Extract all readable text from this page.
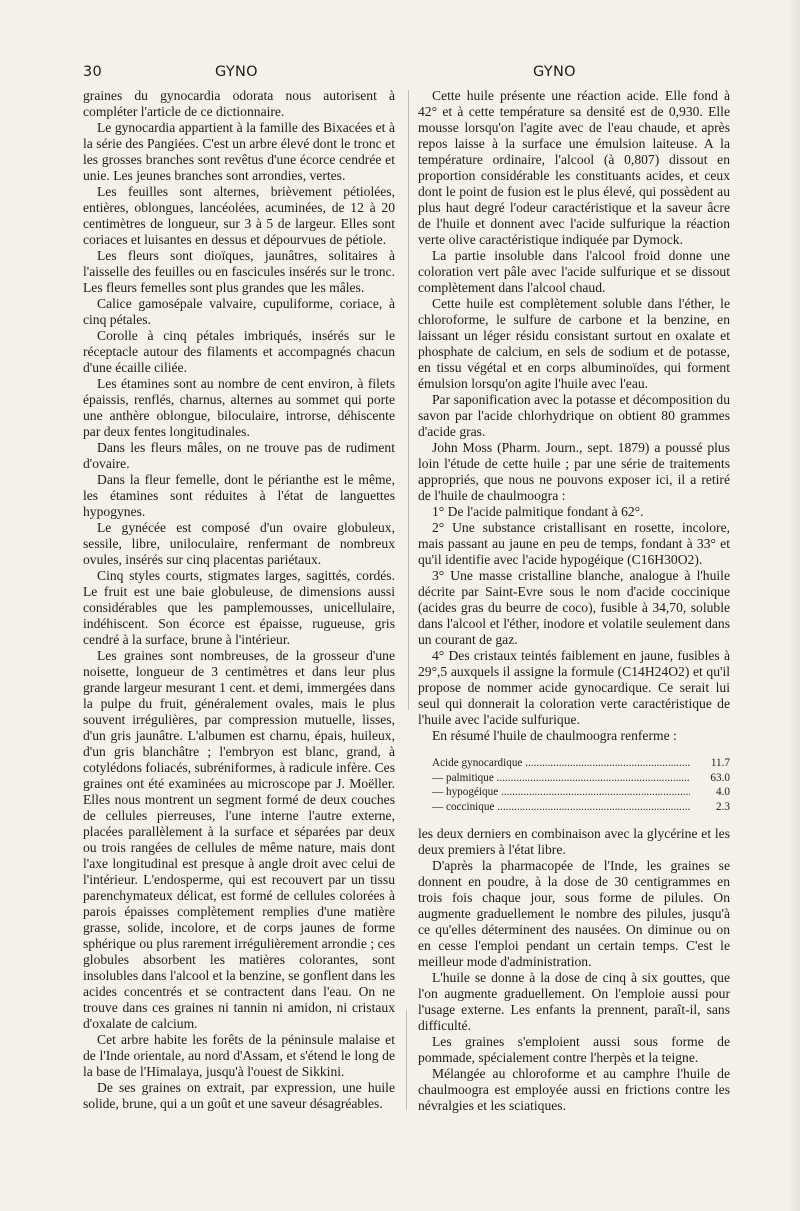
30	GYNO	GYNO

graines du gynocardia odorata nous autorisent à compléter l'article de ce dictionnaire.

Le gynocardia appartient à la famille des Bixacées et à la série des Pangiées. C'est un arbre élevé dont le tronc et les grosses branches sont revêtus d'une écorce cendrée et unie. Les jeunes branches sont arrondies, vertes.

Les feuilles sont alternes, brièvement pétiolées, entières, oblongues, lancéolées, acuminées, de 12 à 20 centimètres de longueur, sur 3 à 5 de largeur. Elles sont coriaces et luisantes en dessus et dépourvues de pétiole.

Les fleurs sont dioïques, jaunâtres, solitaires à l'aisselle des feuilles ou en fascicules insérés sur le tronc. Les fleurs femelles sont plus grandes que les mâles.

Calice gamosépale valvaire, cupuliforme, coriace, à cinq pétales.

Corolle à cinq pétales imbriqués, insérés sur le réceptacle autour des filaments et accompagnés chacun d'une écaille ciliée.

Les étamines sont au nombre de cent environ, à filets épaissis, renflés, charnus, alternes au sommet qui porte une anthère oblongue, biloculaire, introrse, déhiscente par deux fentes longitudinales.

Dans les fleurs mâles, on ne trouve pas de rudiment d'ovaire.

Dans la fleur femelle, dont le périanthe est le même, les étamines sont réduites à l'état de languettes hypogynes.

Le gynécée est composé d'un ovaire globuleux, sessile, libre, uniloculaire, renfermant de nombreux ovules, insérés sur cinq placentas pariétaux.

Cinq styles courts, stigmates larges, sagittés, cordés. Le fruit est une baie globuleuse, de dimensions aussi considérables que les pamplemousses, unicellulaire, indéhiscent. Son écorce est épaisse, rugueuse, gris cendré à la surface, brune à l'intérieur.

Les graines sont nombreuses, de la grosseur d'une noisette, longueur de 3 centimètres et dans leur plus grande largeur mesurant 1 cent. et demi, immergées dans la pulpe du fruit, généralement ovales, mais le plus souvent irrégulières, par compression mutuelle, lisses, d'un gris jaunâtre. L'albumen est charnu, épais, huileux, d'un gris blanchâtre ; l'embryon est blanc, grand, à cotylédons foliacés, subréniformes, à radicule infère. Ces graines ont été examinées au microscope par J. Moëller. Elles nous montrent un segment formé de deux couches de cellules pierreuses, l'une interne l'autre externe, placées parallèlement à la surface et séparées par deux ou trois rangées de cellules de même nature, mais dont l'axe longitudinal est presque à angle droit avec celui de l'intérieur. L'endosperme, qui est recouvert par un tissu parenchymateux délicat, est formé de cellules colorées à parois épaisses complètement remplies d'une matière grasse, solide, incolore, et de corps jaunes de forme sphérique ou plus rarement irrégulièrement arrondie ; ces globules absorbent les matières colorantes, sont insolubles dans l'alcool et la benzine, se gonflent dans les acides concentrés et se contractent dans l'eau. On ne trouve dans ces graines ni tannin ni amidon, ni cristaux d'oxalate de calcium.

Cet arbre habite les forêts de la péninsule malaise et de l'Inde orientale, au nord d'Assam, et s'étend le long de la base de l'Himalaya, jusqu'à l'ouest de Sikkini.

De ses graines on extrait, par expression, une huile solide, brune, qui a un goût et une saveur désagréables.

Cette huile présente une réaction acide. Elle fond à 42° et à cette température sa densité est de 0,930. Elle mousse lorsqu'on l'agite avec de l'eau chaude, et après repos laisse à la surface une émulsion laiteuse. A la température ordinaire, l'alcool (à 0,807) dissout en proportion considérable les constituants acides, et ceux dont le point de fusion est le plus élevé, qui possèdent au plus haut degré l'odeur caractéristique et la saveur âcre de l'huile et donnent avec l'acide sulfurique la réaction verte olive caractéristique indiquée par Dymock.

La partie insoluble dans l'alcool froid donne une coloration vert pâle avec l'acide sulfurique et se dissout complètement dans l'alcool chaud.

Cette huile est complètement soluble dans l'éther, le chloroforme, le sulfure de carbone et la benzine, en laissant un léger résidu consistant surtout en oxalate et phosphate de calcium, en sels de sodium et de potasse, en tissu végétal et en corps albuminoïdes, qui forment émulsion lorsqu'on agite l'huile avec l'eau.

Par saponification avec la potasse et décomposition du savon par l'acide chlorhydrique on obtient 80 grammes d'acide gras.

John Moss (Pharm. Journ., sept. 1879) a poussé plus loin l'étude de cette huile ; par une série de traitements appropriés, que nous ne pouvons exposer ici, il a retiré de l'huile de chaulmoogra :

1° De l'acide palmitique fondant à 62°.

2° Une substance cristallisant en rosette, incolore, mais passant au jaune en peu de temps, fondant à 33° et qu'il identifie avec l'acide hypogéique (C16H30O2).

3° Une masse cristalline blanche, analogue à l'huile décrite par Saint-Evre sous le nom d'acide coccinique (acides gras du beurre de coco), fusible à 34,70, soluble dans l'alcool et l'éther, inodore et volatile seulement dans un courant de gaz.

4° Des cristaux teintés faiblement en jaune, fusibles à 29°,5 auxquels il assigne la formule (C14H24O2) et qu'il propose de nommer acide gynocardique. Ce serait lui seul qui donnerait la coloration verte caractéristique de l'huile avec l'acide sulfurique.

En résumé l'huile de chaulmoogra renferme :

Acide gynocardique .....	11.7
— palmitique .....	63.0
— hypogéique .....	4.0
— coccinique .....	2.3

les deux derniers en combinaison avec la glycérine et les deux premiers à l'état libre.

D'après la pharmacopée de l'Inde, les graines se donnent en poudre, à la dose de 30 centigrammes en trois fois chaque jour, sous forme de pilules. On augmente graduellement le nombre des pilules, jusqu'à ce qu'elles déterminent des nausées. On diminue ou on en cesse l'emploi pendant un certain temps. C'est le meilleur mode d'administration.

L'huile se donne à la dose de cinq à six gouttes, que l'on augmente graduellement. On l'emploie aussi pour l'usage externe. Les enfants la prennent, paraît-il, sans difficulté.

Les graines s'emploient aussi sous forme de pommade, spécialement contre l'herpès et la teigne.

Mélangée au chloroforme et au camphre l'huile de chaulmoogra est employée aussi en frictions contre les névralgies et les sciatiques.
